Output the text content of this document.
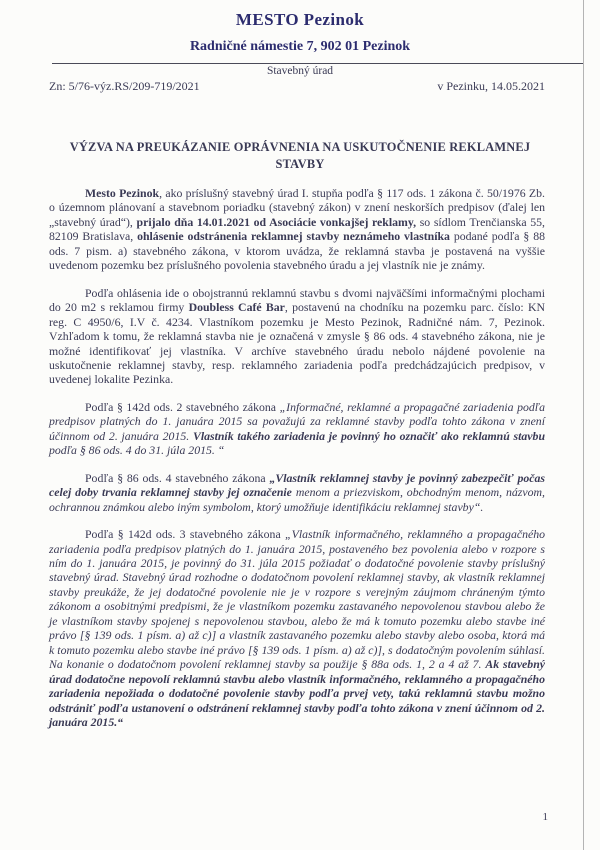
MESTO Pezinok
Radničné námestie 7, 902 01 Pezinok
Stavebný úrad
Zn: 5/76-výz.RS/209-719/2021	v Pezinku, 14.05.2021
VÝZVA NA PREUKÁZANIE OPRÁVNENIA NA USKUTOČNENIE REKLAMNEJ STAVBY

Mesto Pezinok, ako príslušný stavebný úrad I. stupňa podľa § 117 ods. 1 zákona č. 50/1976 Zb. o územnom plánovaní a stavebnom poriadku (stavebný zákon) v znení neskorších predpisov (ďalej len „stavebný úrad“), prijalo dňa 14.01.2021 od Asociácie vonkajšej reklamy, so sídlom Trenčianska 55, 82109 Bratislava, ohlásenie odstránenia reklamnej stavby neznámeho vlastníka podané podľa § 88 ods. 7 pism. a) stavebného zákona, v ktorom uvádza, že reklamná stavba je postavená na vyššie uvedenom pozemku bez príslušného povolenia stavebného úradu a jej vlastník nie je známy.

Podľa ohlásenia ide o obojstrannú reklamnú stavbu s dvomi najväčšími informačnými plochami do 20 m2 s reklamou firmy Doubless Café Bar, postavenú na chodníku na pozemku parc. číslo: KN reg. C 4950/6, I.V č. 4234. Vlastníkom pozemku je Mesto Pezinok, Radničné nám. 7, Pezinok. Vzhľadom k tomu, že reklamná stavba nie je označená v zmysle § 86 ods. 4 stavebného zákona, nie je možné identifikovať jej vlastníka. V archíve stavebného úradu nebolo nájdené povolenie na uskutočnenie reklamnej stavby, resp. reklamného zariadenia podľa predchádzajúcich predpisov, v uvedenej lokalite Pezinka.

Podľa § 142d ods. 2 stavebného zákona „Informačné, reklamné a propagačné zariadenia podľa predpisov platných do 1. januára 2015 sa považujú za reklamné stavby podľa tohto zákona v znení účinnom od 2. januára 2015. Vlastník takého zariadenia je povinný ho označiť ako reklamnú stavbu podľa § 86 ods. 4 do 31. júla 2015. “

Podľa § 86 ods. 4 stavebného zákona „Vlastník reklamnej stavby je povinný zabezpečiť počas celej doby trvania reklamnej stavby jej označenie menom a priezviskom, obchodným menom, názvom, ochrannou známkou alebo iným symbolom, ktorý umožňuje identifikáciu reklamnej stavby“.

Podľa § 142d ods. 3 stavebného zákona „Vlastník informačného, reklamného a propagačného zariadenia podľa predpisov platných do 1. januára 2015, postaveného bez povolenia alebo v rozpore s ním do 1. januára 2015, je povinný do 31. júla 2015 požiadať o dodatočné povolenie stavby príslušný stavebný úrad. Stavebný úrad rozhodne o dodatočnom povolení reklamnej stavby, ak vlastník reklamnej stavby preukáže, že jej dodatočné povolenie nie je v rozpore s verejným záujmom chráneným týmto zákonom a osobitnými predpismi, že je vlastníkom pozemku zastavaného nepovolenou stavbou alebo že je vlastníkom stavby spojenej s nepovolenou stavbou, alebo že má k tomuto pozemku alebo stavbe iné právo [§ 139 ods. 1 písm. a) až c)] a vlastník zastavaného pozemku alebo stavby alebo osoba, ktorá má k tomuto pozemku alebo stavbe iné právo [§ 139 ods. 1 písm. a) až c)], s dodatočným povolením súhlasí. Na konanie o dodatočnom povolení reklamnej stavby sa použije § 88a ods. 1, 2 a 4 až 7. Ak stavebný úrad dodatočne nepovolí reklamnú stavbu alebo vlastník informačného, reklamného a propagačného zariadenia nepožiada o dodatočné povolenie stavby podľa prvej vety, takú reklamnú stavbu možno odstrániť podľa ustanovení o odstránení reklamnej stavby podľa tohto zákona v znení účinnom od 2. januára 2015.“

1
